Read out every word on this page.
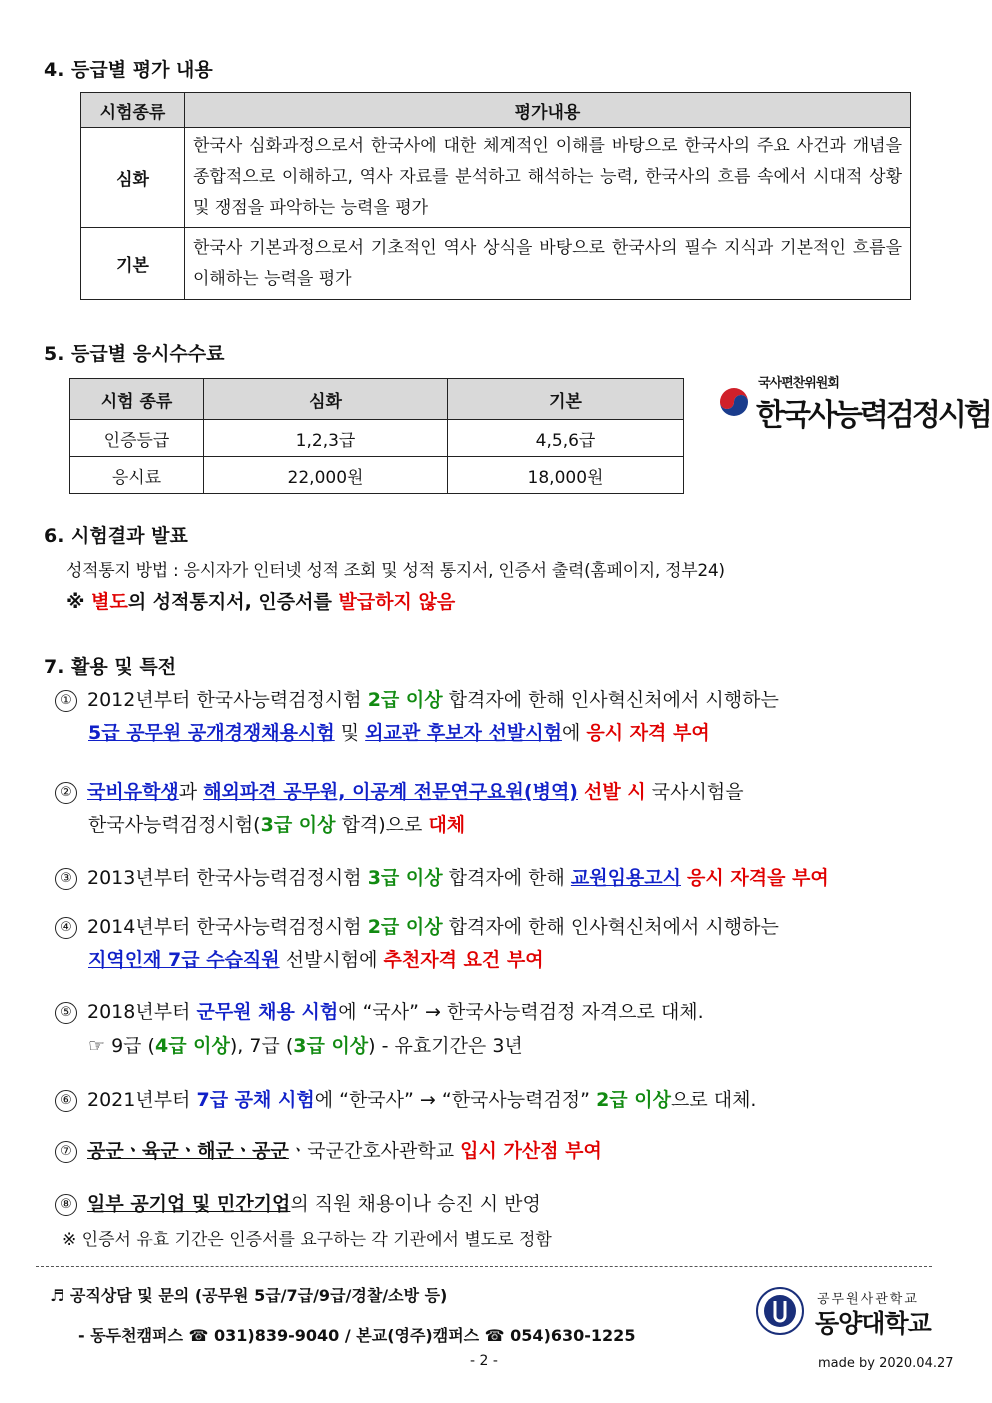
4. 등급별 평가 내용
시험종류	평가내용
심화	한국사 심화과정으로서 한국사에 대한 체계적인 이해를 바탕으로 한국사의 주요 사건과 개념을 종합적으로 이해하고, 역사 자료를 분석하고 해석하는 능력, 한국사의 흐름 속에서 시대적 상황 및 쟁점을 파악하는 능력을 평가
기본	한국사 기본과정으로서 기초적인 역사 상식을 바탕으로 한국사의 필수 지식과 기본적인 흐름을 이해하는 능력을 평가
5. 등급별 응시수수료
시험 종류	심화	기본
인증등급	1,2,3급	4,5,6급
응시료	22,000원	18,000원
국사편찬위원회
한국사능력검정시험
6. 시험결과 발표
성적통지 방법 : 응시자가 인터넷 성적 조회 및 성적 통지서, 인증서 출력(홈페이지, 정부24)
※ 별도의 성적통지서, 인증서를 발급하지 않음
7. 활용 및 특전
① 2012년부터 한국사능력검정시험 2급 이상 합격자에 한해 인사혁신처에서 시행하는
5급 공무원 공개경쟁채용시험 및 외교관 후보자 선발시험에 응시 자격 부여
② 국비유학생과 해외파견 공무원, 이공계 전문연구요원(병역) 선발 시 국사시험을
한국사능력검정시험(3급 이상 합격)으로 대체
③ 2013년부터 한국사능력검정시험 3급 이상 합격자에 한해 교원임용고시 응시 자격을 부여
④ 2014년부터 한국사능력검정시험 2급 이상 합격자에 한해 인사혁신처에서 시행하는
지역인재 7급 수습직원 선발시험에 추천자격 요건 부여
⑤ 2018년부터 군무원 채용 시험에 “국사” → 한국사능력검정 자격으로 대체.
☞ 9급 (4급 이상), 7급 (3급 이상) - 유효기간은 3년
⑥ 2021년부터 7급 공채 시험에 “한국사” → “한국사능력검정” 2급 이상으로 대체.
⑦ 공군ㆍ육군ㆍ해군ㆍ공군ㆍ국군간호사관학교 입시 가산점 부여
⑧ 일부 공기업 및 민간기업의 직원 채용이나 승진 시 반영
※ 인증서 유효 기간은 인증서를 요구하는 각 기관에서 별도로 정함
♬ 공직상담 및 문의 (공무원 5급/7급/9급/경찰/소방 등)
- 동두천캠퍼스 ☎ 031)839-9040 / 본교(영주)캠퍼스 ☎ 054)630-1225
- 2 -	made by 2020.04.27
공무원사관학교
동양대학교
